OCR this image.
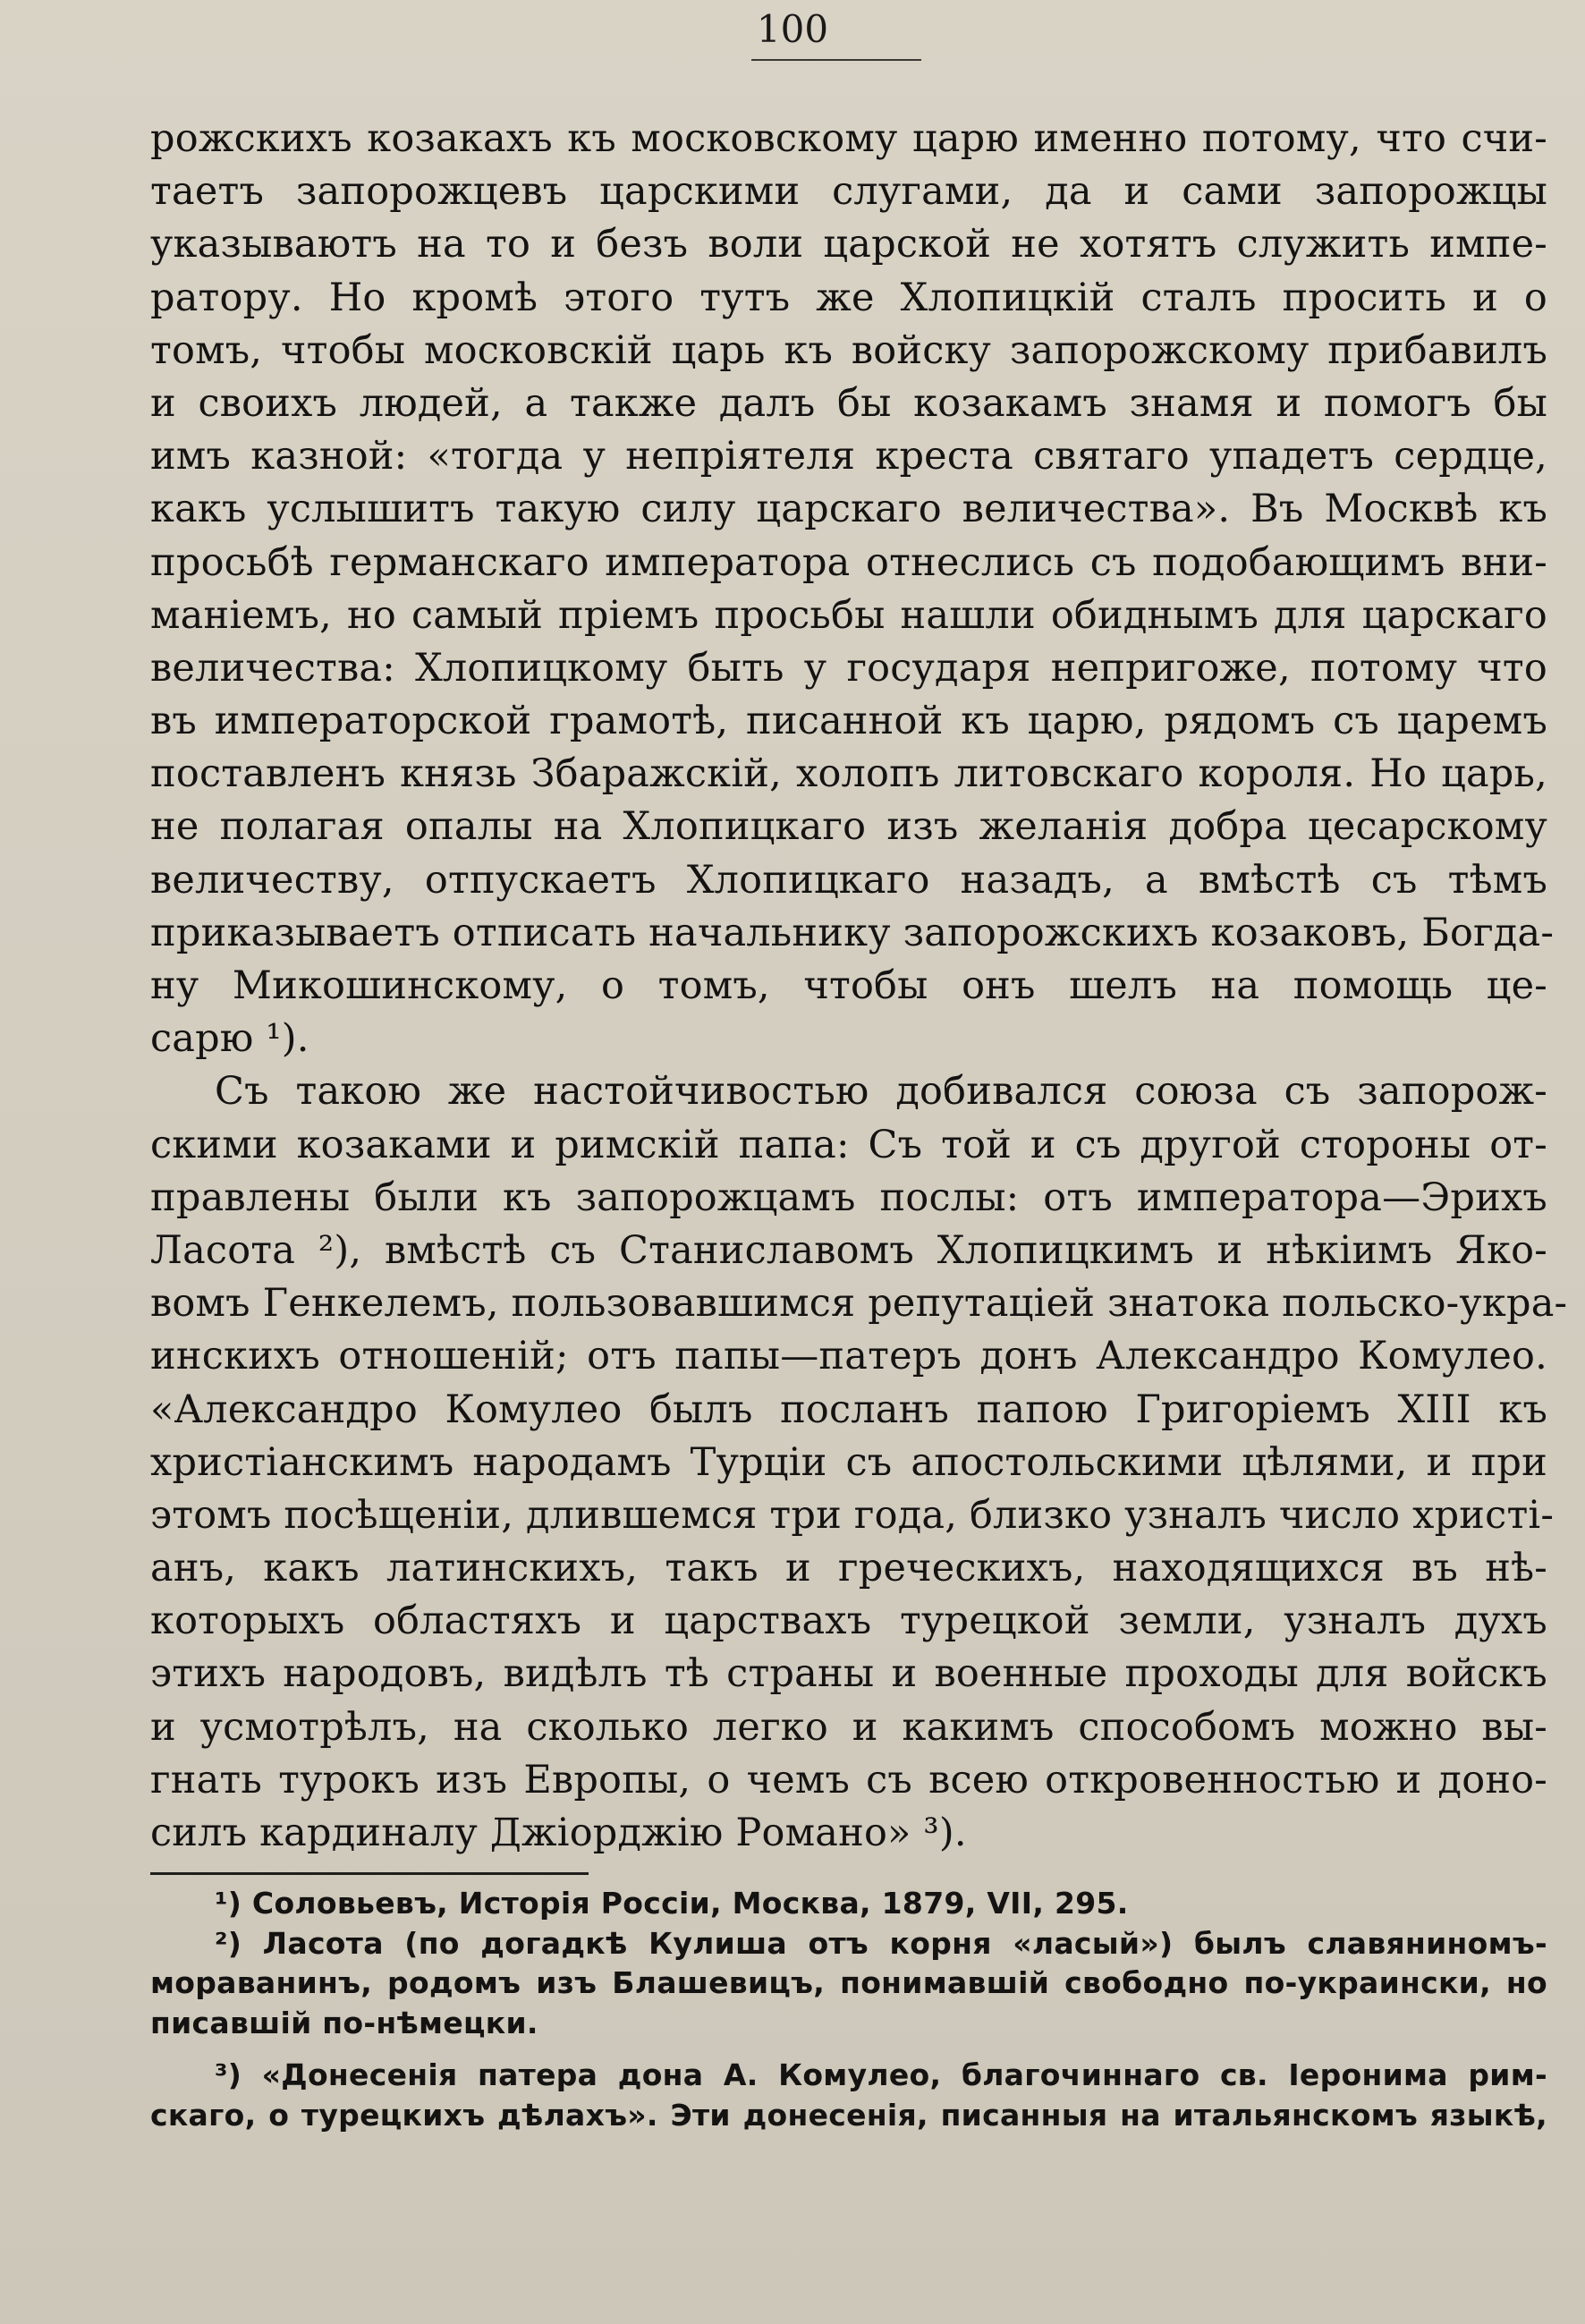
100
рожскихъ козакахъ къ московскому царю именно потому, что счи-
таетъ запорожцевъ царскими слугами, да и сами запорожцы
указываютъ на то и безъ воли царской не хотятъ служить импе-
ратору. Но кромѣ этого тутъ же Хлопицкій сталъ просить и о
томъ, чтобы московскій царь къ войску запорожскому прибавилъ
и своихъ людей, а также далъ бы козакамъ знамя и помогъ бы
имъ казной: «тогда у непріятеля креста святаго упадетъ сердце,
какъ услышитъ такую силу царскаго величества». Въ Москвѣ къ
просьбѣ германскаго императора отнеслись съ подобающимъ вни-
маніемъ, но самый пріемъ просьбы нашли обиднымъ для царскаго
величества: Хлопицкому быть у государя непригоже, потому что
въ императорской грамотѣ, писанной къ царю, рядомъ съ царемъ
поставленъ князь Збаражскій, холопъ литовскаго короля. Но царь,
не полагая опалы на Хлопицкаго изъ желанія добра цесарскому
величеству, отпускаетъ Хлопицкаго назадъ, а вмѣстѣ съ тѣмъ
приказываетъ отписать начальнику запорожскихъ козаковъ, Богда-
ну Микошинскому, о томъ, чтобы онъ шелъ на помощь це-
сарю ¹).
Съ такою же настойчивостью добивался союза съ запорож-
скими козаками и римскій папа: Съ той и съ другой стороны от-
правлены были къ запорожцамъ послы: отъ императора—Эрихъ
Ласота ²), вмѣстѣ съ Станиславомъ Хлопицкимъ и нѣкіимъ Яко-
вомъ Генкелемъ, пользовавшимся репутаціей знатока польско-укра-
инскихъ отношеній; отъ папы—патеръ донъ Александро Комулео.
«Александро Комулео былъ посланъ папою Григоріемъ XIII къ
христіанскимъ народамъ Турціи съ апостольскими цѣлями, и при
этомъ посѣщеніи, длившемся три года, близко узналъ число христі-
анъ, какъ латинскихъ, такъ и греческихъ, находящихся въ нѣ-
которыхъ областяхъ и царствахъ турецкой земли, узналъ духъ
этихъ народовъ, видѣлъ тѣ страны и военные проходы для войскъ
и усмотрѣлъ, на сколько легко и какимъ способомъ можно вы-
гнать турокъ изъ Европы, о чемъ съ всею откровенностью и доно-
силъ кардиналу Джіорджію Романо» ³).
¹) Соловьевъ, Исторія Россіи, Москва, 1879, VII, 295.
²) Ласота (по догадкѣ Кулиша отъ корня «ласый») былъ славяниномъ-
мораванинъ, родомъ изъ Блашевицъ, понимавшій свободно по-украински, но
писавшій по-нѣмецки.
³) «Донесенія патера дона А. Комулео, благочиннаго св. Іеронима рим-
скаго, о турецкихъ дѣлахъ». Эти донесенія, писанныя на итальянскомъ языкѣ,
